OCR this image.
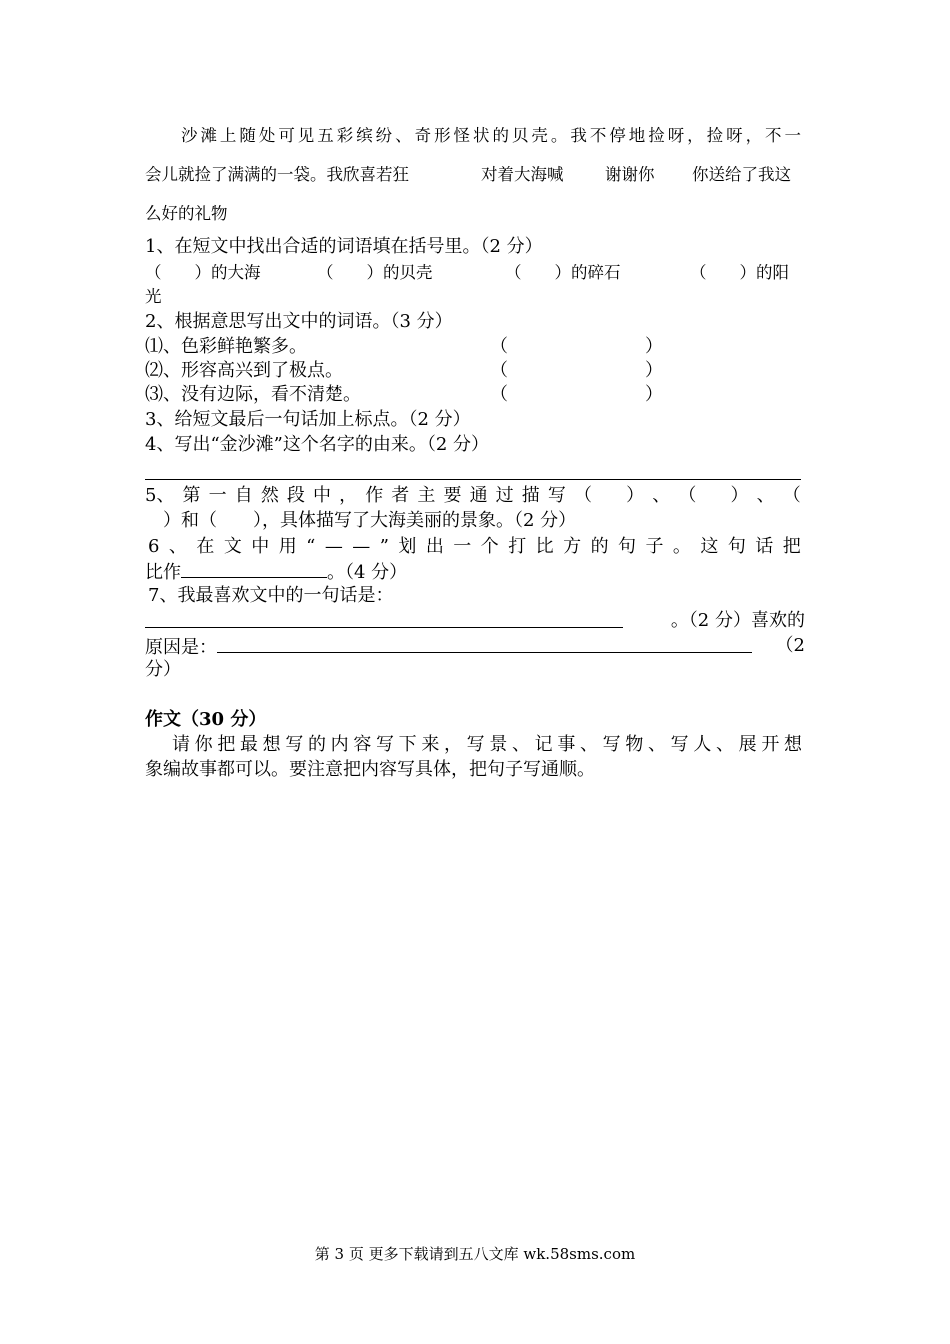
沙滩上随处可见五彩缤纷、奇形怪状的贝壳。我不停地捡呀，捡呀，不一
会儿就捡了满满的一袋。我欣喜若狂	对着大海喊	谢谢你 你送给了我这
么好的礼物
1、在短文中找出合适的词语填在括号里。（2 分）
（　　）的大海	（　　）的贝壳	（　　）的碎石	（　　）的阳
光
2、根据意思写出文中的词语。（3 分）
⑴、色彩鲜艳繁多。	（	）
⑵、形容高兴到了极点。	（	）
⑶、没有边际，看不清楚。	（	）
3、给短文最后一句话加上标点。（2 分）
4、写出“金沙滩”这个名字的由来。（2 分）
5、 第 一 自 然 段 中 ， 作 者 主 要 通 过 描 写 （
　 ） 、 （
　 ） 、 （
　）和（　　），具体描写了大海美丽的景象。（2 分）
6 、 在 文 中 用 “ — — ” 划 出 一 个 打 比 方 的 句 子 。 这 句 话 把
比作	。（4 分）
7、我最喜欢文中的一句话是：
。（2 分）喜欢的
原因是：	（2
分）
作文（30 分）
请你把最想写的内容写下来，写景、记事、写物、写人、展开想
象编故事都可以。要注意把内容写具体，把句子写通顺。
第 3 页 更多下载请到五八文库 wk.58sms.com
